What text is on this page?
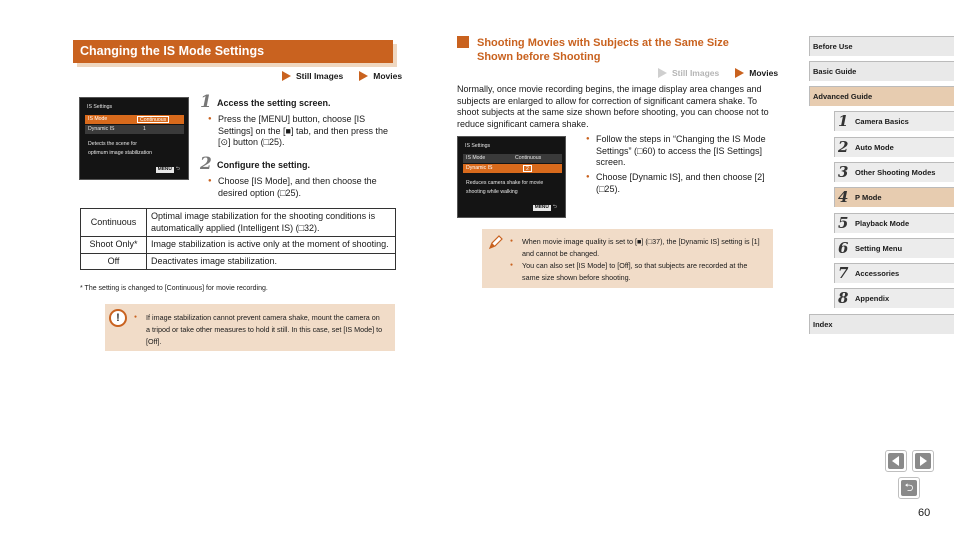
Changing the IS Mode Settings
Still Images	Movies
IS Settings
IS Mode	Continuous
Dynamic IS	1
Detects the scene for
optimum image stabilization
MENU ⮌
1 Access the setting screen.
● Press the [MENU] button, choose [IS Settings] on the [■] tab, and then press the [⊙] button (□25).
2 Configure the setting.
● Choose [IS Mode], and then choose the desired option (□25).
Continuous	Optimal image stabilization for the shooting conditions is automatically applied (Intelligent IS) (□32).
Shoot Only*	Image stabilization is active only at the moment of shooting.
Off	Deactivates image stabilization.
* The setting is changed to [Continuous] for movie recording.
● If image stabilization cannot prevent camera shake, mount the camera on a tripod or take other measures to hold it still. In this case, set [IS Mode] to [Off].
!
Shooting Movies with Subjects at the Same Size
Shown before Shooting
Still Images	Movies
Normally, once movie recording begins, the image display area changes and subjects are enlarged to allow for correction of significant camera shake. To shoot subjects at the same size shown before shooting, you can choose not to reduce significant camera shake.
IS Settings
IS Mode	Continuous
Dynamic IS	2
Reduces camera shake for movie
shooting while walking
MENU ⮌
● Follow the steps in “Changing the IS Mode Settings” (□60) to access the [IS Settings] screen.
● Choose [Dynamic IS], and then choose [2] (□25).
● When movie image quality is set to [■] (□37), the [Dynamic IS] setting is [1] and cannot be changed.
● You can also set [IS Mode] to [Off], so that subjects are recorded at the same size shown before shooting.
Before Use
Basic Guide
Advanced Guide
1 Camera Basics
2 Auto Mode
3 Other Shooting Modes
4 P Mode
5 Playback Mode
6 Setting Menu
7 Accessories
8 Appendix
Index
⮌
60
